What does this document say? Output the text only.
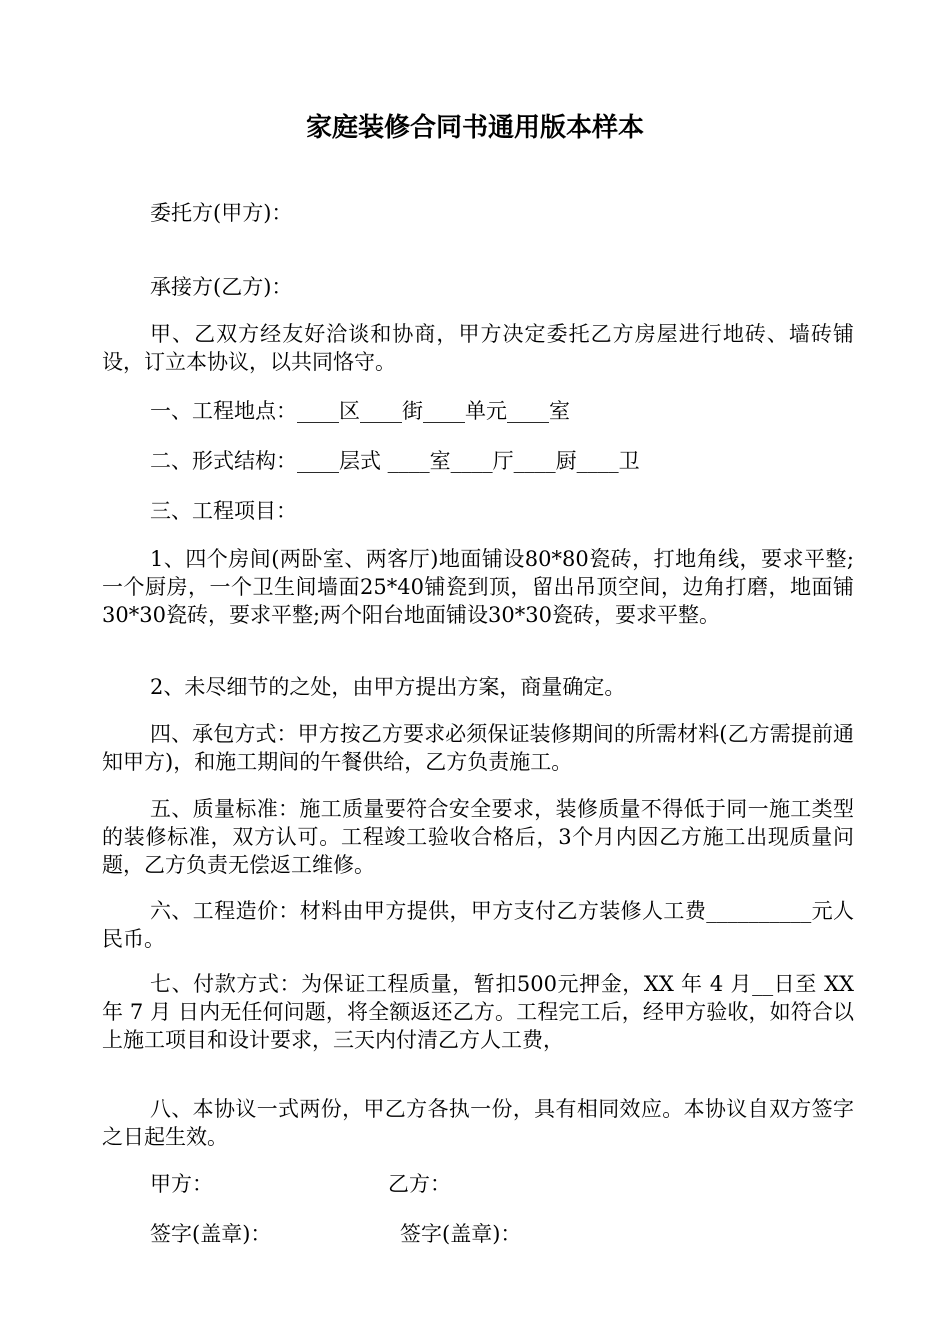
家庭装修合同书通用版本样本
委托方(甲方)：
承接方(乙方)：
甲、乙双方经友好洽谈和协商，甲方决定委托乙方房屋进行地砖、墙砖铺设，订立本协议，以共同恪守。
一、工程地点：____区____街____单元____室
二、形式结构：____层式 ____室____厅____厨____卫
三、工程项目：
1、四个房间(两卧室、两客厅)地面铺设80*80瓷砖，打地角线，要求平整;一个厨房，一个卫生间墙面25*40铺瓷到顶，留出吊顶空间，边角打磨，地面铺30*30瓷砖，要求平整;两个阳台地面铺设30*30瓷砖，要求平整。
2、未尽细节的之处，由甲方提出方案，商量确定。
四、承包方式：甲方按乙方要求必须保证装修期间的所需材料(乙方需提前通知甲方)，和施工期间的午餐供给，乙方负责施工。
五、质量标准：施工质量要符合安全要求，装修质量不得低于同一施工类型的装修标准，双方认可。工程竣工验收合格后，3个月内因乙方施工出现质量问题，乙方负责无偿返工维修。
六、工程造价：材料由甲方提供，甲方支付乙方装修人工费__________元人民币。
七、付款方式：为保证工程质量，暂扣500元押金，XX 年 4 月__日至 XX 年 7 月 日内无任何问题，将全额返还乙方。工程完工后，经甲方验收，如符合以上施工项目和设计要求，三天内付清乙方人工费，
八、本协议一式两份，甲乙方各执一份，具有相同效应。本协议自双方签字之日起生效。
甲方：	乙方：
签字(盖章)：	签字(盖章)：
